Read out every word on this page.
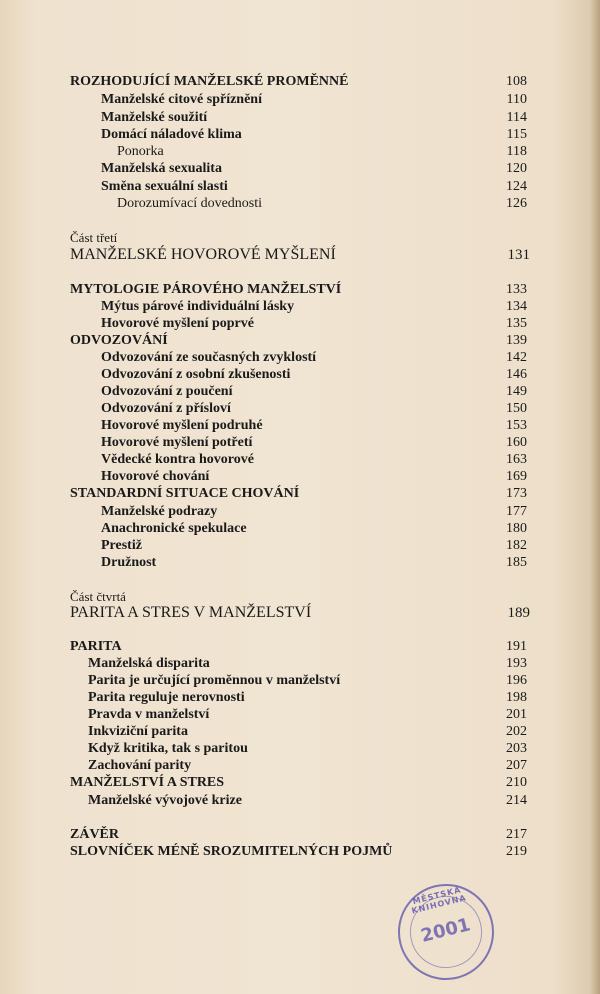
ROZHODUJÍCÍ MANŽELSKÉ PROMĚNNÉ	108
Manželské citové spříznění	110
Manželské soužití	114
Domácí náladové klima	115
Ponorka	118
Manželská sexualita	120
Směna sexuální slasti	124
Dorozumívací dovednosti	126
Část třetí
MANŽELSKÉ HOVOROVÉ MYŠLENÍ	131
MYTOLOGIE PÁROVÉHO MANŽELSTVÍ	133
Mýtus párové individuální lásky	134
Hovorové myšlení poprvé	135
ODVOZOVÁNÍ	139
Odvozování ze současných zvyklostí	142
Odvozování z osobní zkušenosti	146
Odvozování z poučení	149
Odvozování z přísloví	150
Hovorové myšlení podruhé	153
Hovorové myšlení potřetí	160
Vědecké kontra hovorové	163
Hovorové chování	169
STANDARDNÍ SITUACE CHOVÁNÍ	173
Manželské podrazy	177
Anachronické spekulace	180
Prestiž	182
Družnost	185
Část čtvrtá
PARITA A STRES V MANŽELSTVÍ	189
PARITA	191
Manželská disparita	193
Parita je určující proměnnou v manželství	196
Parita reguluje nerovnosti	198
Pravda v manželství	201
Inkviziční parita	202
Když kritika, tak s paritou	203
Zachování parity	207
MANŽELSTVÍ A STRES	210
Manželské vývojové krize	214
ZÁVĚR	217
SLOVNÍČEK MÉNĚ SROZUMITELNÝCH POJMŮ	219
MĚSTSKÁ KNIHOVNA
2001
